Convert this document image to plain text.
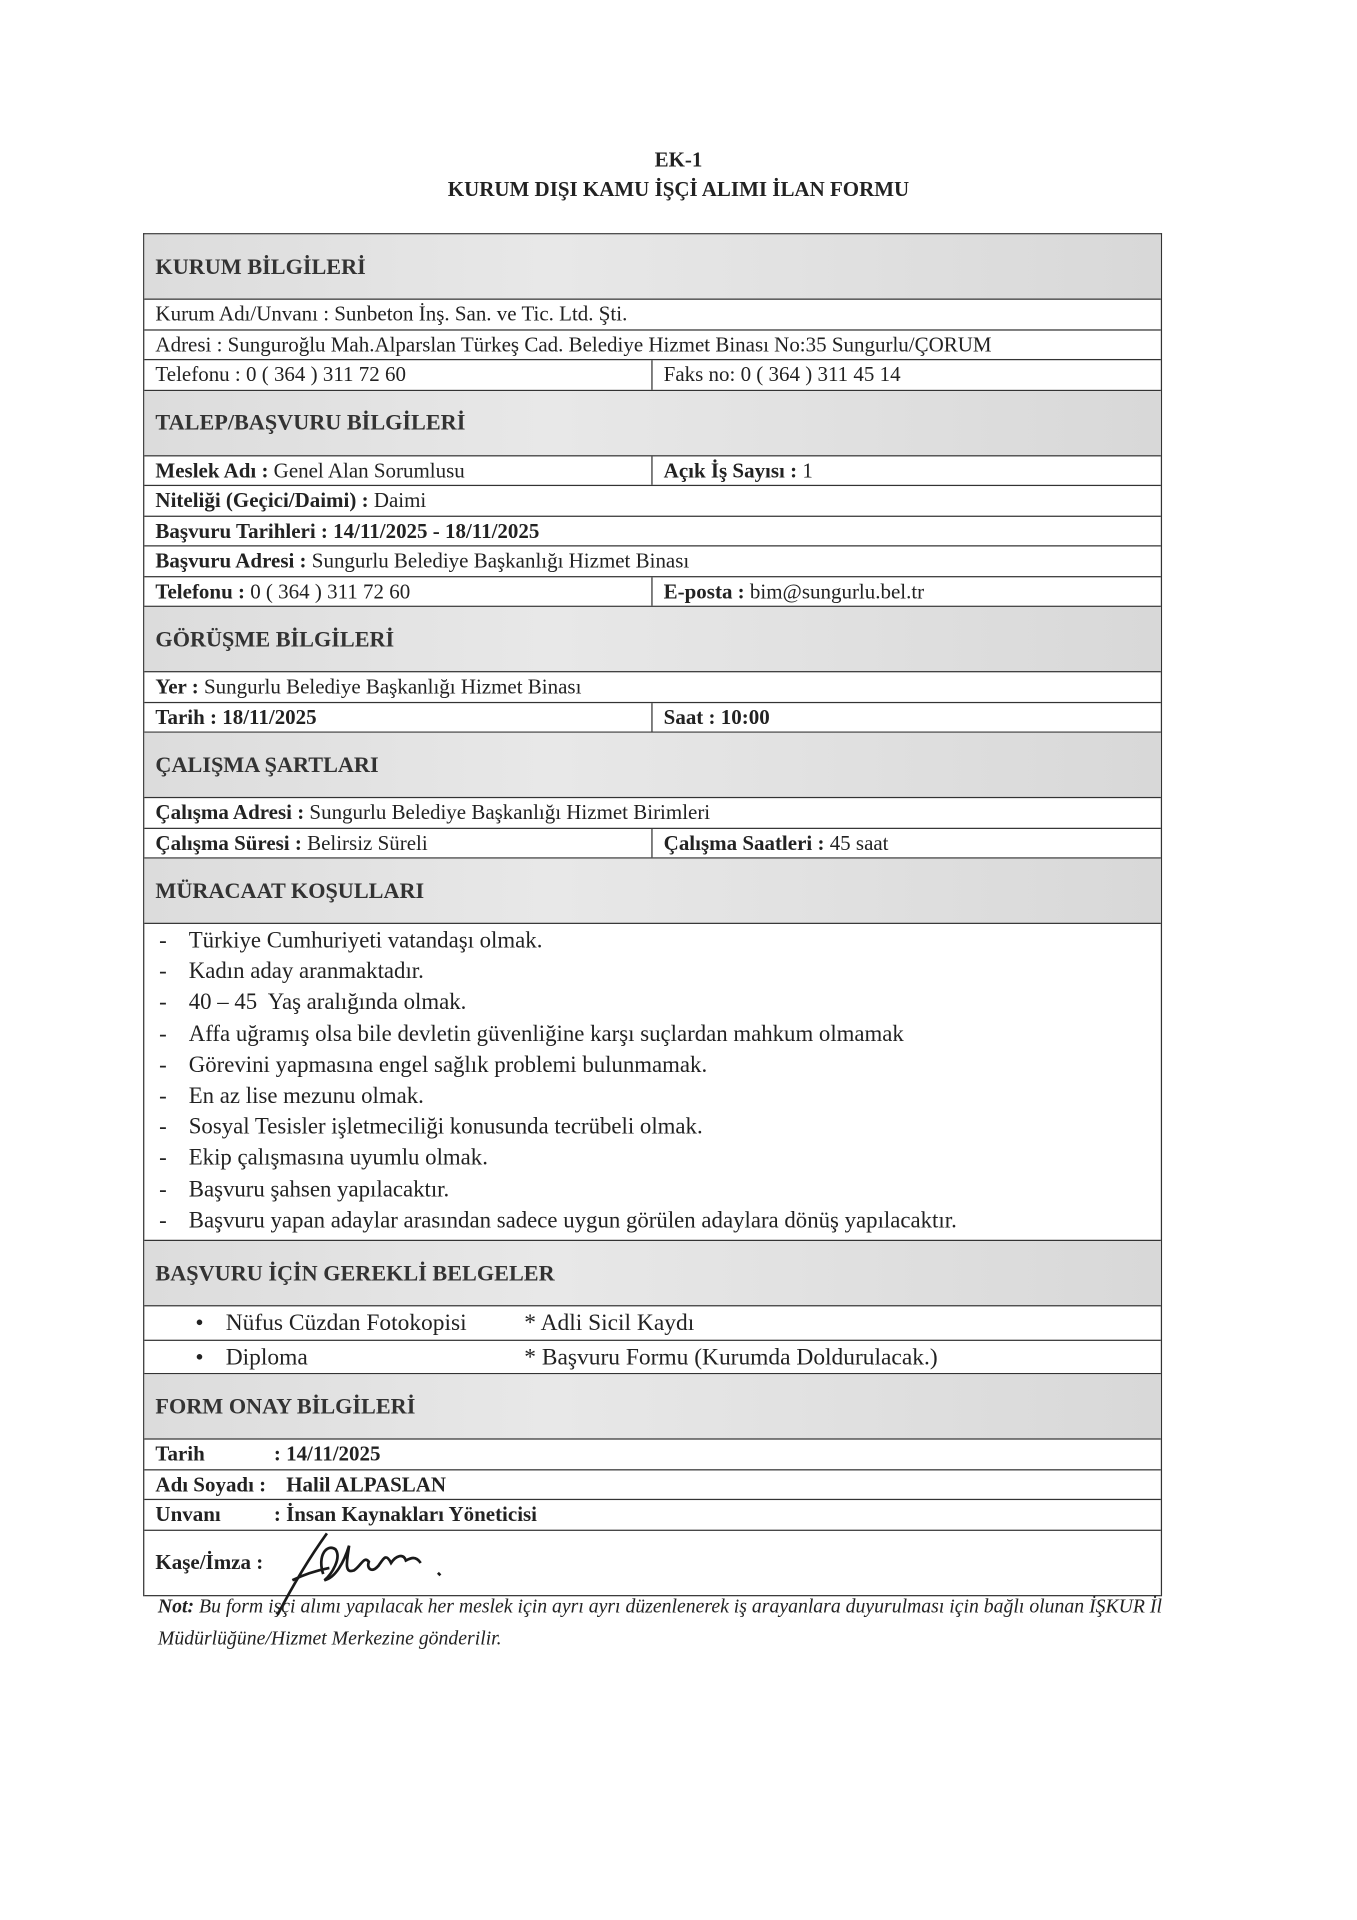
EK-1
KURUM DIŞI KAMU İŞÇİ ALIMI İLAN FORMU
KURUM BİLGİLERİ
Kurum Adı/Unvanı : Sunbeton İnş. San. ve Tic. Ltd. Şti.
Adresi : Sunguroğlu Mah.Alparslan Türkeş Cad. Belediye Hizmet Binası No:35 Sungurlu/ÇORUM
Telefonu : 0 ( 364 ) 311 72 60	Faks no: 0 ( 364 ) 311 45 14
TALEP/BAŞVURU BİLGİLERİ
Meslek Adı : Genel Alan Sorumlusu	Açık İş Sayısı : 1
Niteliği (Geçici/Daimi) : Daimi
Başvuru Tarihleri : 14/11/2025 - 18/11/2025
Başvuru Adresi : Sungurlu Belediye Başkanlığı Hizmet Binası
Telefonu : 0 ( 364 ) 311 72 60	E-posta : bim@sungurlu.bel.tr
GÖRÜŞME BİLGİLERİ
Yer : Sungurlu Belediye Başkanlığı Hizmet Binası
Tarih : 18/11/2025	Saat : 10:00
ÇALIŞMA ŞARTLARI
Çalışma Adresi : Sungurlu Belediye Başkanlığı Hizmet Birimleri
Çalışma Süresi : Belirsiz Süreli	Çalışma Saatleri : 45 saat
MÜRACAAT KOŞULLARI
- Türkiye Cumhuriyeti vatandaşı olmak.
- Kadın aday aranmaktadır.
- 40 – 45  Yaş aralığında olmak.
- Affa uğramış olsa bile devletin güvenliğine karşı suçlardan mahkum olmamak
- Görevini yapmasına engel sağlık problemi bulunmamak.
- En az lise mezunu olmak.
- Sosyal Tesisler işletmeciliği konusunda tecrübeli olmak.
- Ekip çalışmasına uyumlu olmak.
- Başvuru şahsen yapılacaktır.
- Başvuru yapan adaylar arasından sadece uygun görülen adaylara dönüş yapılacaktır.
BAŞVURU İÇİN GEREKLİ BELGELER
•	Nüfus Cüzdan Fotokopisi	* Adli Sicil Kaydı
•	Diploma	* Başvuru Formu (Kurumda Doldurulacak.)
FORM ONAY BİLGİLERİ
Tarih	: 14/11/2025
Adı Soyadı : Halil ALPASLAN
Unvanı	: İnsan Kaynakları Yöneticisi
Kaşe/İmza :
Not: Bu form işçi alımı yapılacak her meslek için ayrı ayrı düzenlenerek iş arayanlara duyurulması için bağlı olunan İŞKUR İl Müdürlüğüne/Hizmet Merkezine gönderilir.
